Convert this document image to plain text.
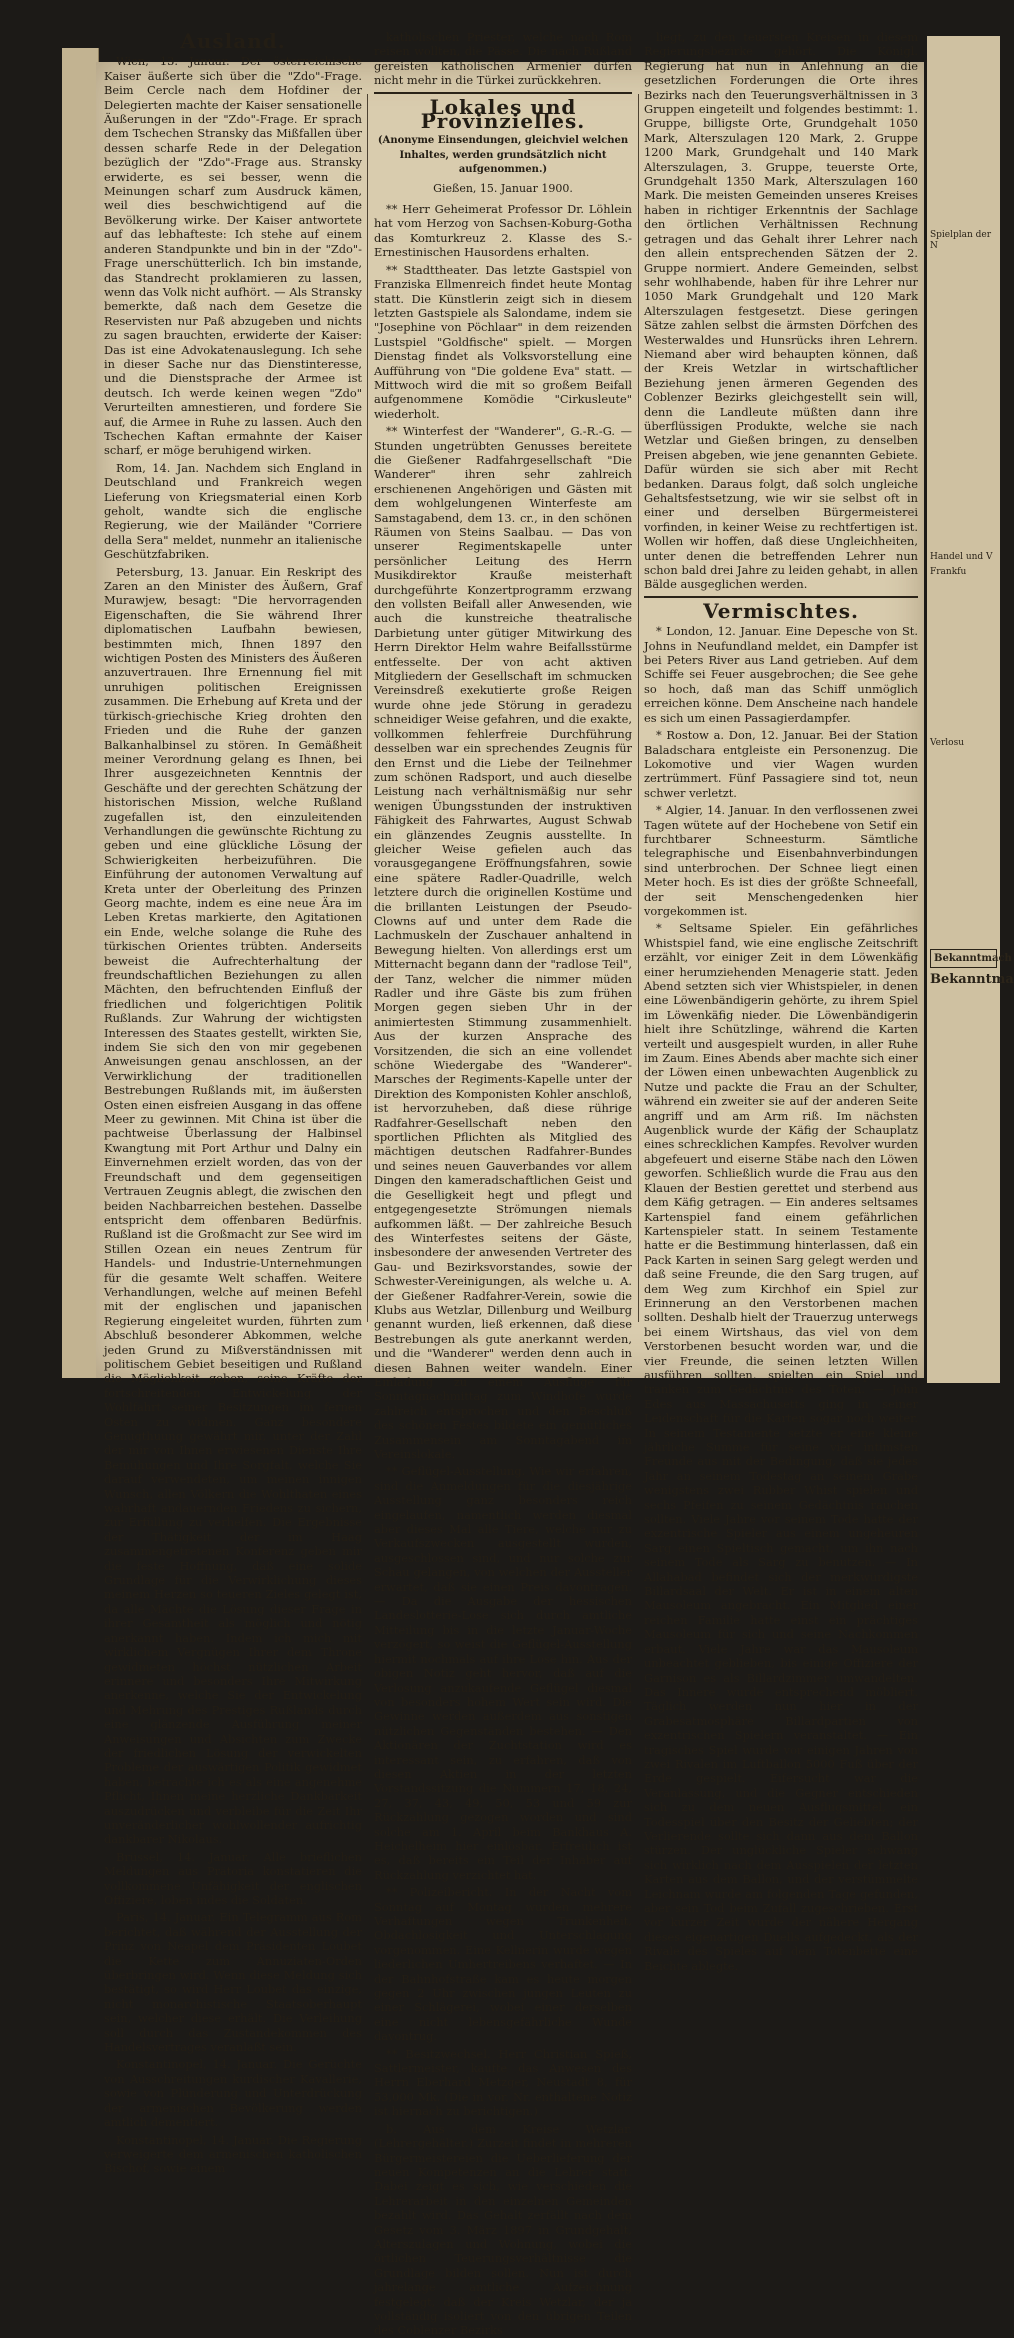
Ausland.

Wien, 13. Januar. Der österreichische Kaiser äußerte sich über die "Zdo"-Frage. Beim Cercle nach dem Hofdiner der Delegierten machte der Kaiser sensationelle Äußerungen in der "Zdo"-Frage. Er sprach dem Tschechen Stransky das Mißfallen über dessen scharfe Rede in der Delegation bezüglich der "Zdo"-Frage aus. Stransky erwiderte, es sei besser, wenn die Meinungen scharf zum Ausdruck kämen, weil dies beschwichtigend auf die Bevölkerung wirke. Der Kaiser antwortete auf das lebhafteste: Ich stehe auf einem anderen Standpunkte und bin in der "Zdo"-Frage unerschütterlich. Ich bin imstande, das Standrecht proklamieren zu lassen, wenn das Volk nicht aufhört. — Als Stransky bemerkte, daß nach dem Gesetze die Reservisten nur Paß abzugeben und nichts zu sagen brauchten, erwiderte der Kaiser: Das ist eine Advokatenauslegung. Ich sehe in dieser Sache nur das Dienstinteresse, und die Dienstsprache der Armee ist deutsch. Ich werde keinen wegen "Zdo" Verurteilten amnestieren, und fordere Sie auf, die Armee in Ruhe zu lassen. Auch den Tschechen Kaftan ermahnte der Kaiser scharf, er möge beruhigend wirken.

Rom, 14. Jan. Nachdem sich England in Deutschland und Frankreich wegen Lieferung von Kriegsmaterial einen Korb geholt, wandte sich die englische Regierung, wie der Mailänder "Corriere della Sera" meldet, nunmehr an italienische Geschützfabriken.

Petersburg, 13. Januar. Ein Reskript des Zaren an den Minister des Äußern, Graf Murawjew, besagt: "Die hervorragenden Eigenschaften, die Sie während Ihrer diplomatischen Laufbahn bewiesen, bestimmten mich, Ihnen 1897 den wichtigen Posten des Ministers des Äußeren anzuvertrauen. Ihre Ernennung fiel mit unruhigen politischen Ereignissen zusammen. Die Erhebung auf Kreta und der türkisch-griechische Krieg drohten den Frieden und die Ruhe der ganzen Balkanhalbinsel zu stören. In Gemäßheit meiner Verordnung gelang es Ihnen, bei Ihrer ausgezeichneten Kenntnis der Geschäfte und der gerechten Schätzung der historischen Mission, welche Rußland zugefallen ist, den einzuleitenden Verhandlungen die gewünschte Richtung zu geben und eine glückliche Lösung der Schwierigkeiten herbeizuführen. Die Einführung der autonomen Verwaltung auf Kreta unter der Oberleitung des Prinzen Georg machte, indem es eine neue Ära im Leben Kretas markierte, den Agitationen ein Ende, welche solange die Ruhe des türkischen Orientes trübten. Anderseits beweist die Aufrechterhaltung der freundschaftlichen Beziehungen zu allen Mächten, den befruchtenden Einfluß der friedlichen und folgerichtigen Politik Rußlands. Zur Wahrung der wichtigsten Interessen des Staates gestellt, wirkten Sie, indem Sie sich den von mir gegebenen Anweisungen genau anschlossen, an der Verwirklichung der traditionellen Bestrebungen Rußlands mit, im äußersten Osten einen eisfreien Ausgang in das offene Meer zu gewinnen. Mit China ist über die pachtweise Überlassung der Halbinsel Kwangtung mit Port Arthur und Dalny ein Einvernehmen erzielt worden, das von der Freundschaft und dem gegenseitigen Vertrauen Zeugnis ablegt, die zwischen den beiden Nachbarreichen bestehen. Dasselbe entspricht dem offenbaren Bedürfnis. Rußland ist die Großmacht zur See wird im Stillen Ozean ein neues Zentrum für Handels- und Industrie-Unternehmungen für die gesamte Welt schaffen. Weitere Verhandlungen, welche auf meinen Befehl mit der englischen und japanischen Regierung eingeleitet wurden, führten zum Abschluß besonderer Abkommen, welche jeden Grund zu Mißverständnissen mit politischem Gebiet beseitigen und Rußland die Möglichkeit geben, seine Kräfte der fortschreitenden Entwickelung der Wohlfahrt seiner Besitzungen im fernen Osten zu widmen. Ganz besondere Genugthuung gewährt mir, unter der Zahl der mir von Ihnen erwiesenen Dienste Ihre Bemühungen und Ihre Sorgfalt, welche Sie darauf verwendeten, um meinen innigen Wunsch, allen Völkern die Wohlthaten eines wahrhaft andauernden Friedens zu sichern, zur Erfüllung zu verhelfen. Die Ergebnisse der Thätigkeit der im Haag zusammengetretenen Konferenz geben mir die feste Hoffnung, daß eine solide Grundlage für die Verwirklichung dieses meinem Herzen so teueren Zieles gelegt ist, da alle Mächte die Lösung dieser Frage in ihrer Gesamtheit als möglich und nötig anerkannt haben. Indem ich mich mit wirklichem Vergnügen Ihrer dem Throne gewidmeten höchst nützlichen Arbeit erinnere und besonders Ihre Mitwirkung anerkenne, welche Sie der Entwickelung und Mehrung des Prestiges Rußlands durch eine glänzende Ausführung meiner Anweisungen und Absichten zum Zwecke der friedlichen Lösung der verwickelten Probleme der auswärtigen Politik gewidmet haben, betrachte ich es als eine angenehme Pflicht, Ihnen meine herzliche Dankbarkeit auszudrücken und verbleibe für die Zeit Ihr unveränderlicher wohlwollender aufrichtig dankbarer Nikolaus.

Brüssel, 14. Januar. Alle brieflichen Meldungen aus Prätoria konstatieren die vollkommene Unfähigkeit der englischen Offiziere, loben indes die Soldaten.

Paris, 14. Januar. Ein Telegramm aus Rom berichtet, daß während der Ausstellung der Prinz von Neapel dem Präsidenten Loubet die Kette zum Annuziaten-Orden überbringen wird. Wenn diese Meldung sich bestätigt, so wird Herr Loubet das einzige, nicht monarchistische Staatsoberhaupt sein, welcher diese erhält. Die Verleihung soll durch das Zustandekommen des Handelsvertrages veranlaßt sein.

Konstantinopel, 14. Januar. Die Gerüchte von Ausschreitungen kurdischer Kavallerie, sowie von Plünderung und Unterdrückung der armenischen Bevölkerung werden amtlich dementiert.

Konstantinopel, 14. Januar. Die Regierung verweigerte dem armenischen katholischen Bischof, sowie einem

katholischen Priester, welche nach Rom reisen wollten, die Pässe. Die nach Rußland gereisten katholischen Armenier dürfen nicht mehr in die Türkei zurückkehren.

Lokales und Provinzielles.
(Anonyme Einsendungen, gleichviel welchen Inhaltes, werden grundsätzlich nicht aufgenommen.)
Gießen, 15. Januar 1900.

** Herr Geheimerat Professor Dr. Löhlein hat vom Herzog von Sachsen-Koburg-Gotha das Komturkreuz 2. Klasse des S.-Ernestinischen Hausordens erhalten.

** Stadttheater. Das letzte Gastspiel von Franziska Ellmenreich findet heute Montag statt. Die Künstlerin zeigt sich in diesem letzten Gastspiele als Salondame, indem sie "Josephine von Pöchlaar" in dem reizenden Lustspiel "Goldfische" spielt. — Morgen Dienstag findet als Volksvorstellung eine Aufführung von "Die goldene Eva" statt. — Mittwoch wird die mit so großem Beifall aufgenommene Komödie "Cirkusleute" wiederholt.

** Winterfest der "Wanderer", G.-R.-G. — Stunden ungetrübten Genusses bereitete die Gießener Radfahrgesellschaft "Die Wanderer" ihren sehr zahlreich erschienenen Angehörigen und Gästen mit dem wohlgelungenen Winterfeste am Samstagabend, dem 13. cr., in den schönen Räumen von Steins Saalbau. — Das von unserer Regimentskapelle unter persönlicher Leitung des Herrn Musikdirektor Krauße meisterhaft durchgeführte Konzertprogramm erzwang den vollsten Beifall aller Anwesenden, wie auch die kunstreiche theatralische Darbietung unter gütiger Mitwirkung des Herrn Direktor Helm wahre Beifallsstürme entfesselte. Der von acht aktiven Mitgliedern der Gesellschaft im schmucken Vereinsdreß exekutierte große Reigen wurde ohne jede Störung in geradezu schneidiger Weise gefahren, und die exakte, vollkommen fehlerfreie Durchführung desselben war ein sprechendes Zeugnis für den Ernst und die Liebe der Teilnehmer zum schönen Radsport, und auch dieselbe Leistung nach verhältnismäßig nur sehr wenigen Übungsstunden der instruktiven Fähigkeit des Fahrwartes, August Schwab ein glänzendes Zeugnis ausstellte. In gleicher Weise gefielen auch das vorausgegangene Eröffnungsfahren, sowie eine spätere Radler-Quadrille, welch letztere durch die originellen Kostüme und die brillanten Leistungen der Pseudo-Clowns auf und unter dem Rade die Lachmuskeln der Zuschauer anhaltend in Bewegung hielten. Von allerdings erst um Mitternacht begann dann der "radlose Teil", der Tanz, welcher die nimmer müden Radler und ihre Gäste bis zum frühen Morgen gegen sieben Uhr in der animiertesten Stimmung zusammenhielt. Aus der kurzen Ansprache des Vorsitzenden, die sich an eine vollendet schöne Wiedergabe des "Wanderer"-Marsches der Regiments-Kapelle unter der Direktion des Komponisten Kohler anschloß, ist hervorzuheben, daß diese rührige Radfahrer-Gesellschaft neben den sportlichen Pflichten als Mitglied des mächtigen deutschen Radfahrer-Bundes und seines neuen Gauverbandes vor allem Dingen den kameradschaftlichen Geist und die Geselligkeit hegt und pflegt und entgegengesetzte Strömungen niemals aufkommen läßt. — Der zahlreiche Besuch des Winterfestes seitens der Gäste, insbesondere der anwesenden Vertreter des Gau- und Bezirksvorstandes, sowie der Schwester-Vereinigungen, als welche u. A. der Gießener Radfahrer-Verein, sowie die Klubs aus Wetzlar, Dillenburg und Weilburg genannt wurden, ließ erkennen, daß diese Bestrebungen als gute anerkannt werden, und die "Wanderer" werden denn auch in diesen Bahnen weiter wandeln. Einer Einladung zu einem Ausfluge für Sonntagnachmittag zum Windhofe wurde zahlreich entsprochen und den Beschluß des schönen Festes bildete ein gemütliches Zusammensein am Sonntagabend im Vereinslokale.

** Geflügel-Ausstellung. Wie wir erfahren, sind die Anmeldungen für die diesjährige Ausstellung ganz besonders reich eingelaufen, namentlich werden diesmal aber dieses Mal alle Tiere, welche nur zu Verkaufszwecken ausgestellt wurden, ausgeschlossen sind, und nur solche zur Schau gelangen, von welchen der Aussteller erwartet, daß sie einen Preis davontragen. — Da die Ausgabe der hessischen Landeslotterie-Lose sich durch amtliche Mitteilung bis in die letzte Januar-Woche verzögert, so weist die Geflügel-Ausstellung hiermit nochmals auf ihre Lose hin. Aus der obigen Notiz geht hervor, daß auf die Verlosung anzukaufende Geflügel diesmal von besonders hohem Wert sein wird. Die Gewinne werden außerdem aus sonstigen nützlichen Gegenständen bestehen. — Den Aktionären der Zuchtstation wird es interessant sein, zu erfahren, daß von diesen Aktien in der letzten Vorstandssitzung die Nummern 17, 18, 24, 27, 37, 43, 49, 50, 53 und 59 zur Rückzahlung gezogen worden und sind solche am 1. April beim Bankhaus A. Heichelheim hier einlösbar. Erfreulich ist es, daß bereits ein Teil der Inhaber auf Rückzahlung verzichtet hat.

** Polizeibericht. In der Nacht vom Sonntag auf Montag wurden mehrere Verhaftungen wegen Trunkenheit, Obdachlosigkeit und Unterschlagung vorgenommen. Eine Kellnerin wurde wegen liederlichen Umhertreibens verhaftet. — In der Bahnhofstraße kam es heute morgen gegen 2 Uhr zwischen jungen Leuten zu einer Schlägerei, wobei einer derselben eine nicht lebensgefährliche Wunde davontrug.

** Besitzwechsel. Herr Christian Spieß, Sattlermeister, kaufte das Anwesen des Herrn Eberhard Metzger, Neustadt 8, für 53,000 Mk. (Die in vor. Nr. enthaltene Notiz ist hiernach zu berichtigen.)

b. Aus dem Kreise Wetzlar. (Lehrergehälter.) Zurzeit findet in mehreren Bürgermeistereien die Ueberlieferung der neuen Kompetenzen an die Lehrer statt. Dabei zeigt es sich, wie verschieden die Lehrerarbeit in den einzelnen Gemeinden bezahlt wird. Das Gehalt zerfällt nach dem Gesetz vom 3. März 1897 in Grundgehalt, Alterszulagen und Wohnung, wobei die örtlichen Teuerungsverhältnisse die Grundlage bilden sollen. Nun ist durch jahrelange amtliche Aufzeichnung festgelegt, daß der Kreis Wetzlar, der ja vollständig isoliert von den übrigen Teilen des Coblenzer Bezirks

liegt, zu den teuersten Kreisen in diesem Regierungsbezirke gehört. Die Königl. Regierung hat nun in Anlehnung an die gesetzlichen Forderungen die Orte ihres Bezirks nach den Teuerungsverhältnissen in 3 Gruppen eingeteilt und folgendes bestimmt: 1. Gruppe, billigste Orte, Grundgehalt 1050 Mark, Alterszulagen 120 Mark, 2. Gruppe 1200 Mark, Grundgehalt und 140 Mark Alterszulagen, 3. Gruppe, teuerste Orte, Grundgehalt 1350 Mark, Alterszulagen 160 Mark. Die meisten Gemeinden unseres Kreises haben in richtiger Erkenntnis der Sachlage den örtlichen Verhältnissen Rechnung getragen und das Gehalt ihrer Lehrer nach den allein entsprechenden Sätzen der 2. Gruppe normiert. Andere Gemeinden, selbst sehr wohlhabende, haben für ihre Lehrer nur 1050 Mark Grundgehalt und 120 Mark Alterszulagen festgesetzt. Diese geringen Sätze zahlen selbst die ärmsten Dörfchen des Westerwaldes und Hunsrücks ihren Lehrern. Niemand aber wird behaupten können, daß der Kreis Wetzlar in wirtschaftlicher Beziehung jenen ärmeren Gegenden des Coblenzer Bezirks gleichgestellt sein will, denn die Landleute müßten dann ihre überflüssigen Produkte, welche sie nach Wetzlar und Gießen bringen, zu denselben Preisen abgeben, wie jene genannten Gebiete. Dafür würden sie sich aber mit Recht bedanken. Daraus folgt, daß solch ungleiche Gehaltsfestsetzung, wie wir sie selbst oft in einer und derselben Bürgermeisterei vorfinden, in keiner Weise zu rechtfertigen ist. Wollen wir hoffen, daß diese Ungleichheiten, unter denen die betreffenden Lehrer nun schon bald drei Jahre zu leiden gehabt, in allen Bälde ausgeglichen werden.

Vermischtes.

* London, 12. Januar. Eine Depesche von St. Johns in Neufundland meldet, ein Dampfer ist bei Peters River aus Land getrieben. Auf dem Schiffe sei Feuer ausgebrochen; die See gehe so hoch, daß man das Schiff unmöglich erreichen könne. Dem Anscheine nach handele es sich um einen Passagierdampfer.

* Rostow a. Don, 12. Januar. Bei der Station Baladschara entgleiste ein Personenzug. Die Lokomotive und vier Wagen wurden zertrümmert. Fünf Passagiere sind tot, neun schwer verletzt.

* Algier, 14. Januar. In den verflossenen zwei Tagen wütete auf der Hochebene von Setif ein furchtbarer Schneesturm. Sämtliche telegraphische und Eisenbahnverbindungen sind unterbrochen. Der Schnee liegt einen Meter hoch. Es ist dies der größte Schneefall, der seit Menschengedenken hier vorgekommen ist.

* Seltsame Spieler. Ein gefährliches Whistspiel fand, wie eine englische Zeitschrift erzählt, vor einiger Zeit in dem Löwenkäfig einer herumziehenden Menagerie statt. Jeden Abend setzten sich vier Whistspieler, in denen eine Löwenbändigerin gehörte, zu ihrem Spiel im Löwenkäfig nieder. Die Löwenbändigerin hielt ihre Schützlinge, während die Karten verteilt und ausgespielt wurden, in aller Ruhe im Zaum. Eines Abends aber machte sich einer der Löwen einen unbewachten Augenblick zu Nutze und packte die Frau an der Schulter, während ein zweiter sie auf der anderen Seite angriff und am Arm riß. Im nächsten Augenblick wurde der Käfig der Schauplatz eines schrecklichen Kampfes. Revolver wurden abgefeuert und eiserne Stäbe nach den Löwen geworfen. Schließlich wurde die Frau aus den Klauen der Bestien gerettet und sterbend aus dem Käfig getragen. — Ein anderes seltsames Kartenspiel fand einem gefährlichen Kartenspieler statt. In seinem Testamente hatte er die Bestimmung hinterlassen, daß ein Pack Karten in seinen Sarg gelegt werden und daß seine Freunde, die den Sarg trugen, auf dem Weg zum Kirchhof ein Spiel zur Erinnerung an den Verstorbenen machen sollten. Deshalb hielt der Trauerzug unterwegs bei einem Wirtshaus, das viel von dem Verstorbenen besucht worden war, und die vier Freunde, die seinen letzten Willen ausführen sollten, spielten ein Spiel und tranken zum Gedächtnis des Toten. — John Edes aus Massachusetts ging in seiner Leidenschaft für die Karten sogar noch weiter. In seinem Testamente setzte er eine kleine jährliche Summe für seine vier intimsten Freunde aus mit der Bedingung, daß sie jedes Jahr an seinem Todestag an seinem Grabe wenigstens zwei Rubber Whist spielen und sechs Pfeifen zu seinem Gedächtnis rauchen sollten. Viele Jahre vor seinem Tode hatte der exzentrische Spieler aus einem ungeheuren Sarg einen Spieltisch gemacht, um ihn nach seinem Tode als Sarg zu benutzen. — In Allahabad befindet sich der merkwürdigste Billardsaal der Welt. Er ist in einem alten Mausoleum angebracht. Ein Mitglied einer reichen Familie hatte einst ein prächtiges Mausoleum für sich und seine Nachkommen erbaut. Viele Jahre war das Mausoleum unbeachtet geblieben, bis einige Offiziere der Garnison es als Billardzimmer umwandelten. Das Innere wurde entsprechend möbliert. Täglich werden nun hier in der Grabesatmosphäre Billardpartien von exzentrischen Spielern veranstaltet. — Ein tragisches Spiel wurde vor einigen Jahren von zwei Rivalen im Luftballon 5000 Fuß über der Erde gespielt. Eifersucht war die Veranlassung, und die Gegner entschieden sich zu dem neuen Ausflugsmittel, ein Todesspiel über den Besitz der Geliebten; der Verlierende sollte sich dann aus dem Ballon stürzen. Der unglückliche Spieler schwang sich wirklich nach dem Ausspielen der letzten Karten aus dem Ballon, und der verstümmelte Leichnam wurde am folgenden Tage gefunden, aber sein Tod beim Zufall zugeschrieben. Erst vor kurzer Zeit wurde der nähere Hergang dieses eigenartigen Duells aufgedeckt, als der Rivale des Spieles auf dem Totenbette eine Beichte ablegte.

Spielplan der N
Handel und V
Frankfu
Verlosu
Bekanntmach
Bekanntma
